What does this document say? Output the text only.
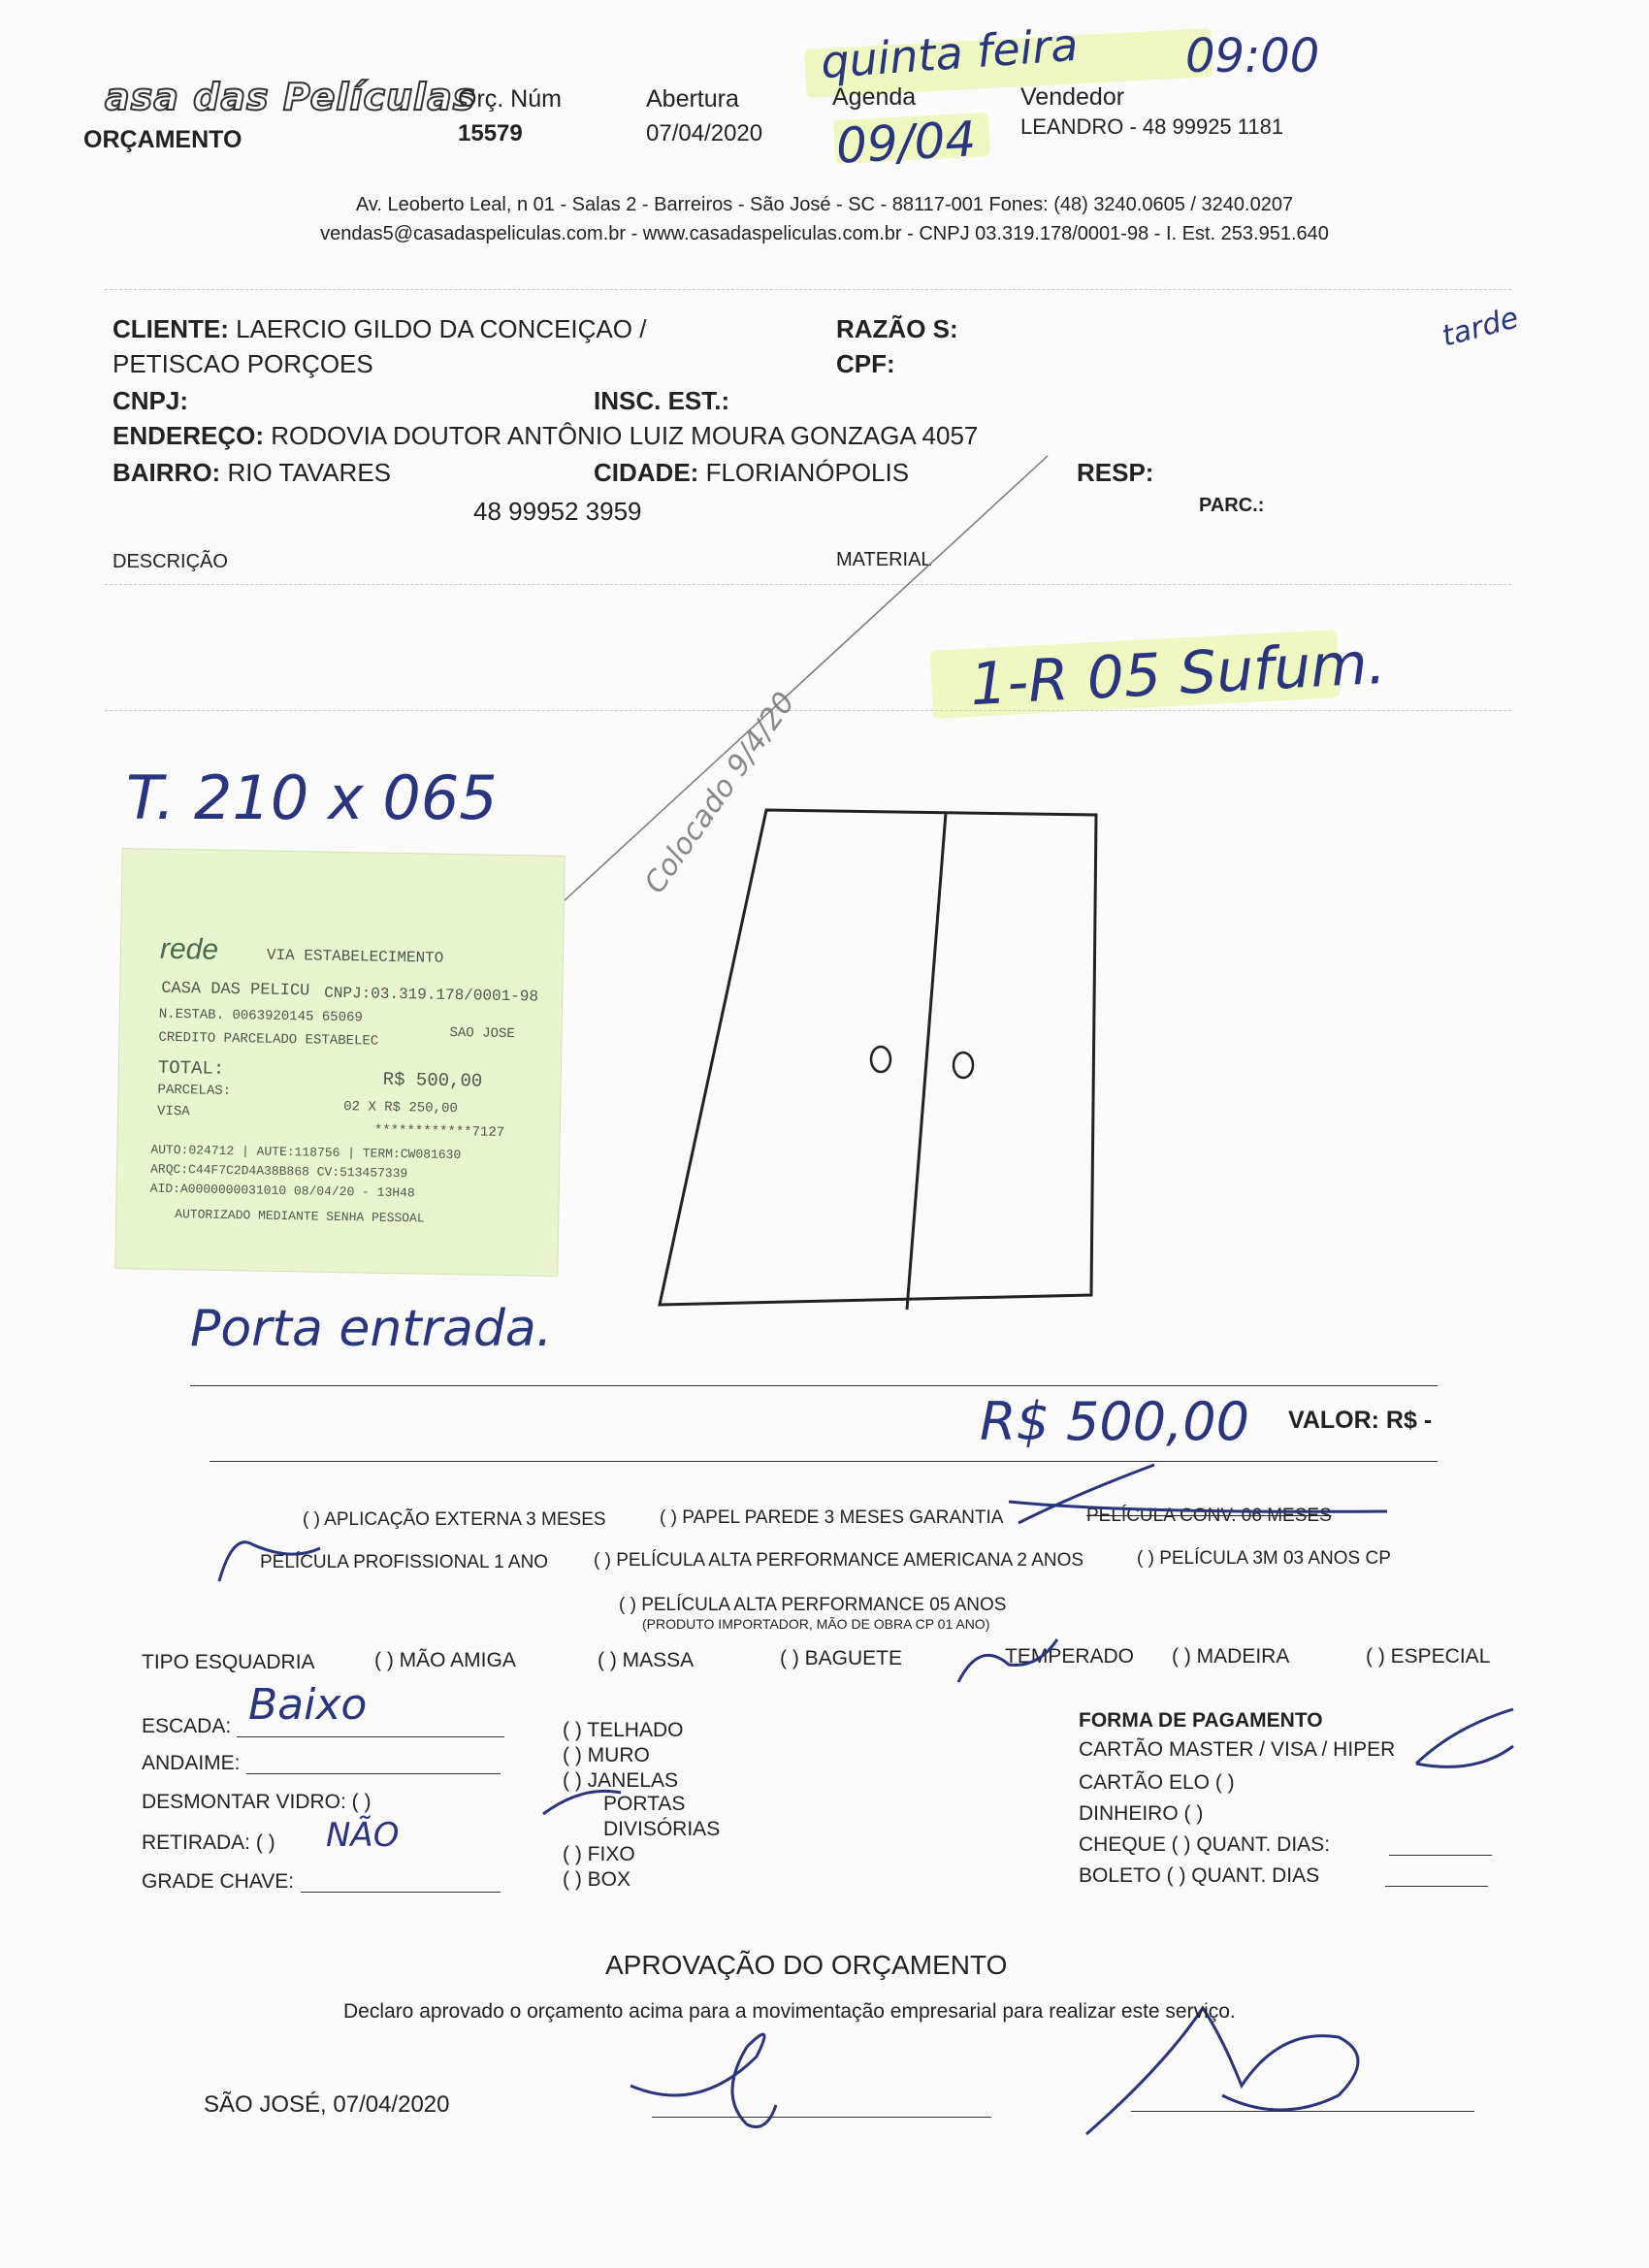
asa das Películas
ORÇAMENTO
Orç. Núm
15579
Abertura
07/04/2020
Agenda
quinta feira 09:00
09/04
Vendedor
LEANDRO - 48 99925 1181
Av. Leoberto Leal, n 01 - Salas 2 - Barreiros - São José - SC - 88117-001 Fones: (48) 3240.0605 / 3240.0207
vendas5@casadaspeliculas.com.br - www.casadaspeliculas.com.br - CNPJ 03.319.178/0001-98 - I. Est. 253.951.640
tarde
CLIENTE: LAERCIO GILDO DA CONCEIÇAO /
PETISCAO PORÇOES
RAZÃO S:
CPF:
CNPJ:	INSC. EST.:
ENDEREÇO: RODOVIA DOUTOR ANTÔNIO LUIZ MOURA GONZAGA 4057
BAIRRO: RIO TAVARES	CIDADE: FLORIANÓPOLIS	RESP:
48 99952 3959	PARC.:
DESCRIÇÃO	MATERIAL
1-R 05 Sufum.
T. 210 x 065	Colocado 9/4/20
rede	VIA ESTABELECIMENTO
CASA DAS PELICU CNPJ:03.319.178/0001-98
N.ESTAB. 0063920145 65069
SAO JOSE
CREDITO PARCELADO ESTABELEC
TOTAL:
R$ 500,00
PARCELAS:
02 X R$ 250,00
VISA
************7127
AUTO:024712 | AUTE:118756 | TERM:CW081630
ARQC:C44F7C2D4A38B868 CV:513457339
AID:A0000000031010 08/04/20 - 13H48
AUTORIZADO MEDIANTE SENHA PESSOAL
Porta entrada.
R$ 500,00 VALOR: R$ -
( ) APLICAÇÃO EXTERNA 3 MESES	( ) PAPEL PAREDE 3 MESES GARANTIA	PELÍCULA CONV. 06 MESES
PELÍCULA PROFISSIONAL 1 ANO ( ) PELÍCULA ALTA PERFORMANCE AMERICANA 2 ANOS	( ) PELÍCULA 3M 03 ANOS CP
( ) PELÍCULA ALTA PERFORMANCE 05 ANOS
(PRODUTO IMPORTADOR, MÃO DE OBRA CP 01 ANO)
TIPO ESQUADRIA	( ) MÃO AMIGA	( ) MASSA	( ) BAGUETE	TEMPERADO ( ) MADEIRA	( ) ESPECIAL
ESCADA: Baixo
ANDAIME:
DESMONTAR VIDRO: ( )
RETIRADA: ( ) NÃO
GRADE CHAVE:
( ) TELHADO
( ) MURO
( ) JANELAS
PORTAS
DIVISÓRIAS
( ) FIXO
( ) BOX
FORMA DE PAGAMENTO
CARTÃO MASTER / VISA / HIPER
CARTÃO ELO ( )
DINHEIRO ( )
CHEQUE ( ) QUANT. DIAS:
BOLETO ( ) QUANT. DIAS
APROVAÇÃO DO ORÇAMENTO
Declaro aprovado o orçamento acima para a movimentação empresarial para realizar este serviço.
SÃO JOSÉ, 07/04/2020
